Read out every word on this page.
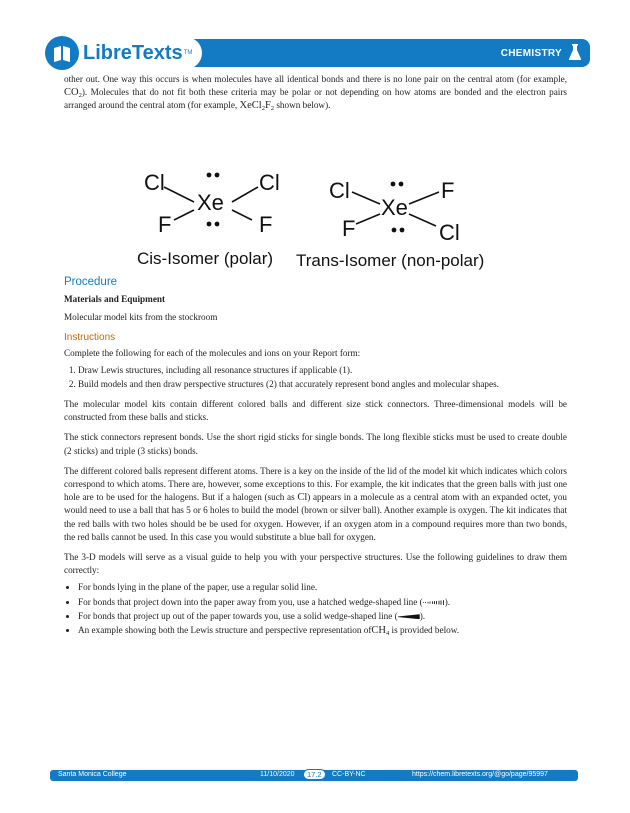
LibreTexts TM	CHEMISTRY

other out. One way this occurs is when molecules have all identical bonds and there is no lone pair on the central atom (for example, $CO_2$). Molecules that do not fit both these criteria may be polar or not depending on how atoms are bonded and the electron pairs arranged around the central atom (for example, $XeCl_2F_2$ shown below).

Cl	Cl
Xe
F	F
Cis-Isomer (polar)
Cl	F
Xe
F	Cl
Trans-Isomer (non-polar)
Procedure

Materials and Equipment

Molecular model kits from the stockroom

Instructions

Complete the following for each of the molecules and ions on your Report form:

1. Draw Lewis structures, including all resonance structures if applicable (1).
2. Build models and then draw perspective structures (2) that accurately represent bond angles and molecular shapes.

The molecular model kits contain different colored balls and different size stick connectors. Three-dimensional models will be constructed from these balls and sticks.

The stick connectors represent bonds. Use the short rigid sticks for single bonds. The long flexible sticks must be used to create double (2 sticks) and triple (3 sticks) bonds.

The different colored balls represent different atoms. There is a key on the inside of the lid of the model kit which indicates which colors correspond to which atoms. There are, however, some exceptions to this. For example, the kit indicates that the green balls with just one hole are to be used for the halogens. But if a halogen (such as Cl) appears in a molecule as a central atom with an expanded octet, you would need to use a ball that has 5 or 6 holes to build the model (brown or silver ball). Another example is oxygen. The kit indicates that the red balls with two holes should be be used for oxygen. However, if an oxygen atom in a compound requires more than two bonds, the red balls cannot be used. In this case you would substitute a blue ball for oxygen.

The 3-D models will serve as a visual guide to help you with your perspective structures. Use the following guidelines to draw them correctly:

• For bonds lying in the plane of the paper, use a regular solid line.
• For bonds that project down into the paper away from you, use a hatched wedge-shaped line ( ).
• For bonds that project up out of the paper towards you, use a solid wedge-shaped line ( ).
• An example showing both the Lewis structure and perspective representation ofCH$_4$ is provided below.
Santa Monica College	11/10/2020	17.2	CC-BY-NC	https://chem.libretexts.org/@go/page/95997
